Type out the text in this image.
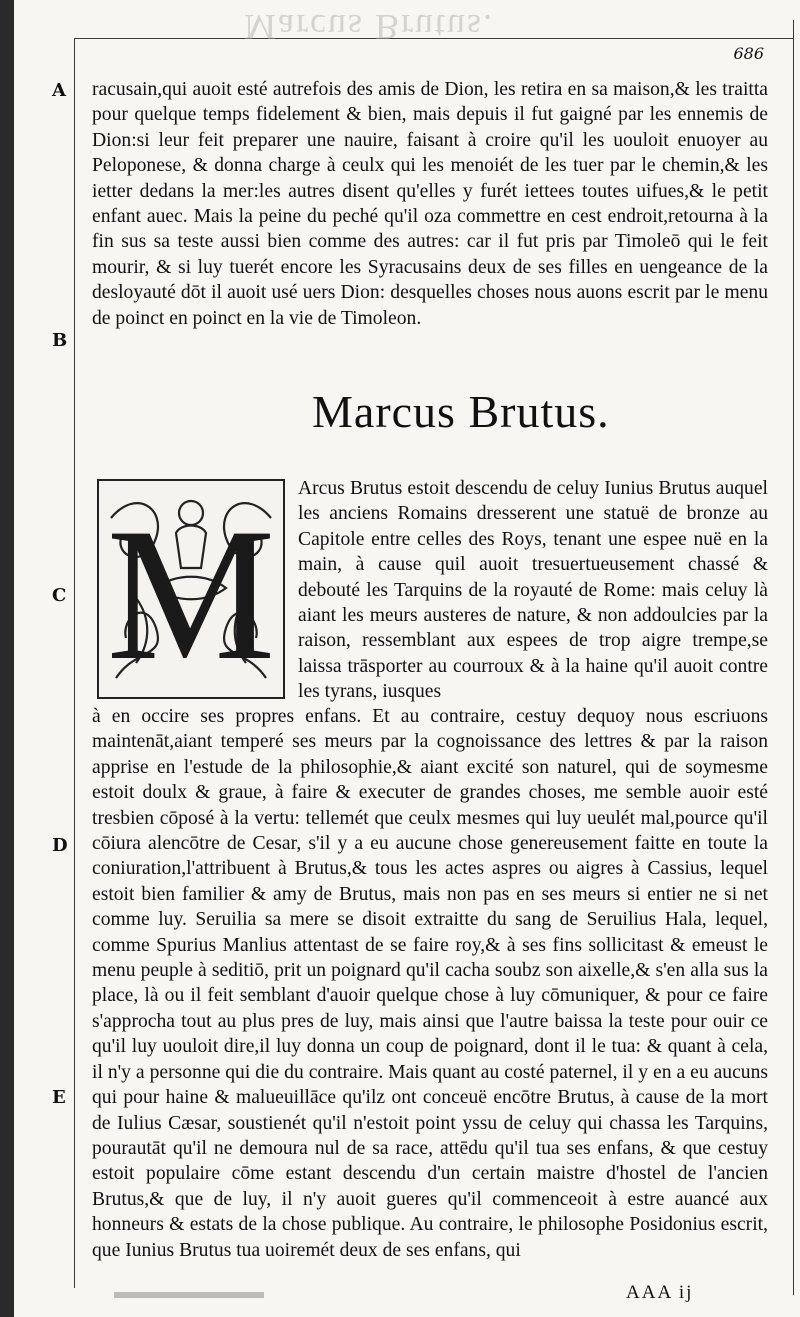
Marcus Brutus.
686
A
B
C
D
E
racusain,qui auoit esté autrefois des amis de Dion, les retira en sa maison,& les traitta pour quelque temps fidelement & bien, mais depuis il fut gaigné par les ennemis de Dion:si leur feit preparer une nauire, faisant à croire qu'il les uouloit enuoyer au Peloponese, & donna charge à ceulx qui les menoiét de les tuer par le chemin,& les ietter dedans la mer:les autres disent qu'elles y furét iettees toutes uifues,& le petit enfant auec. Mais la peine du peché qu'il oza commettre en cest endroit,retourna à la fin sus sa teste aussi bien comme des autres: car il fut pris par Timoleō qui le feit mourir, & si luy tuerét encore les Syracusains deux de ses filles en uengeance de la desloyauté dōt il auoit usé uers Dion: desquelles choses nous auons escrit par le menu de poinct en poinct en la vie de Timoleon.
Marcus Brutus.
M
Arcus Brutus estoit descendu de celuy Iunius Brutus auquel les anciens Romains dresserent une statuë de bronze au Capitole entre celles des Roys, tenant une espee nuë en la main, à cause quil auoit tresuertueusement chassé & debouté les Tarquins de la royauté de Rome: mais celuy là aiant les meurs austeres de nature, & non addoulcies par la raison, ressemblant aux espees de trop aigre trempe,se laissa trāsporter au courroux & à la haine qu'il auoit contre les tyrans, iusques
à en occire ses propres enfans. Et au contraire, cestuy dequoy nous escriuons maintenāt,aiant temperé ses meurs par la cognoissance des lettres & par la raison apprise en l'estude de la philosophie,& aiant excité son naturel, qui de soymesme estoit doulx & graue, à faire & executer de grandes choses, me semble auoir esté tresbien cōposé à la vertu: tellemét que ceulx mesmes qui luy ueulét mal,pource qu'il cōiura alencōtre de Cesar, s'il y a eu aucune chose genereusement faitte en toute la coniuration,l'attribuent à Brutus,& tous les actes aspres ou aigres à Cassius, lequel estoit bien familier & amy de Brutus, mais non pas en ses meurs si entier ne si net comme luy. Seruilia sa mere se disoit extraitte du sang de Seruilius Hala, lequel, comme Spurius Manlius attentast de se faire roy,& à ses fins sollicitast & emeust le menu peuple à seditiō, prit un poignard qu'il cacha soubz son aixelle,& s'en alla sus la place, là ou il feit semblant d'auoir quelque chose à luy cōmuniquer, & pour ce faire s'approcha tout au plus pres de luy, mais ainsi que l'autre baissa la teste pour ouir ce qu'il luy uouloit dire,il luy donna un coup de poignard, dont il le tua: & quant à cela, il n'y a personne qui die du contraire. Mais quant au costé paternel, il y en a eu aucuns qui pour haine & malueuillāce qu'ilz ont conceuë encōtre Brutus, à cause de la mort de Iulius Cæsar, soustienét qu'il n'estoit point yssu de celuy qui chassa les Tarquins, pourautāt qu'il ne demoura nul de sa race, attēdu qu'il tua ses enfans, & que cestuy estoit populaire cōme estant descendu d'un certain maistre d'hostel de l'ancien Brutus,& que de luy, il n'y auoit gueres qu'il commenceoit à estre auancé aux honneurs & estats de la chose publique. Au contraire, le philosophe Posidonius escrit, que Iunius Brutus tua uoiremét deux de ses enfans, qui
AAA ij
